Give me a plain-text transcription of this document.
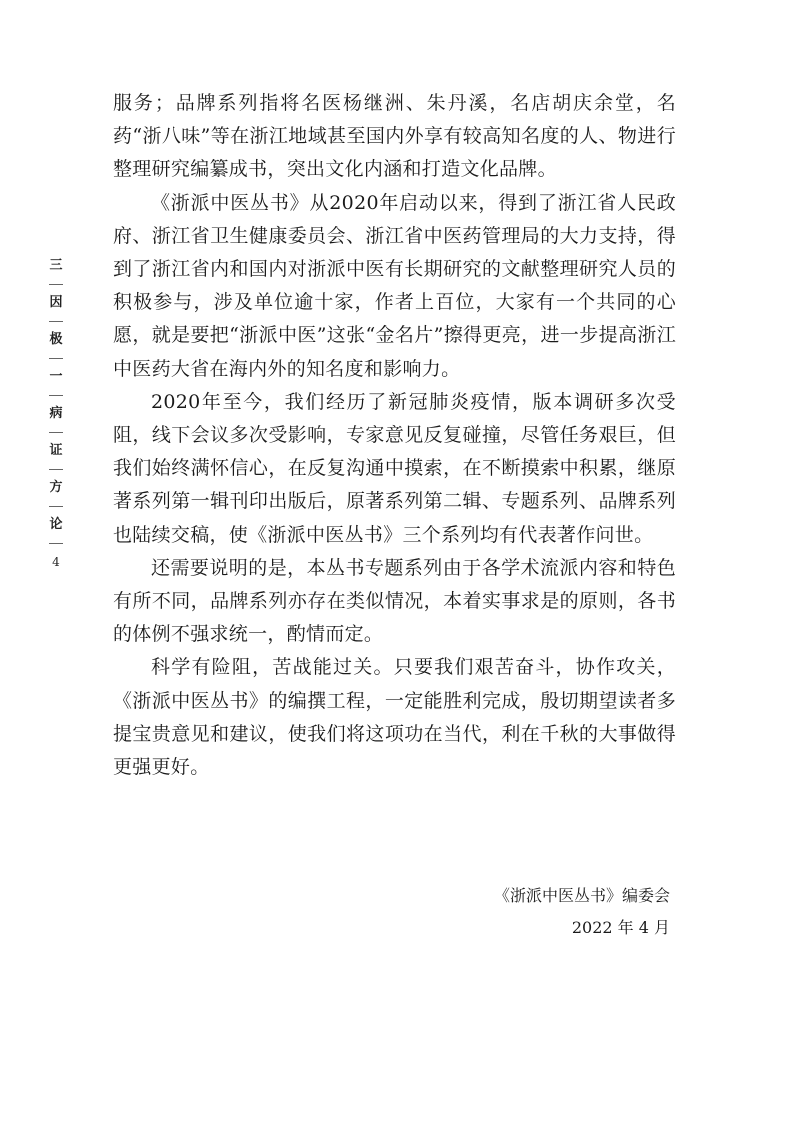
三
因
极
一
病
证
方
论
4

服务；品牌系列指将名医杨继洲、朱丹溪，名店胡庆余堂，名药“浙八味”等在浙江地域甚至国内外享有较高知名度的人、物进行整理研究编纂成书，突出文化内涵和打造文化品牌。

《浙派中医丛书》从2020年启动以来，得到了浙江省人民政府、浙江省卫生健康委员会、浙江省中医药管理局的大力支持，得到了浙江省内和国内对浙派中医有长期研究的文献整理研究人员的积极参与，涉及单位逾十家，作者上百位，大家有一个共同的心愿，就是要把“浙派中医”这张“金名片”擦得更亮，进一步提高浙江中医药大省在海内外的知名度和影响力。

2020年至今，我们经历了新冠肺炎疫情，版本调研多次受阻，线下会议多次受影响，专家意见反复碰撞，尽管任务艰巨，但我们始终满怀信心，在反复沟通中摸索，在不断摸索中积累，继原著系列第一辑刊印出版后，原著系列第二辑、专题系列、品牌系列也陆续交稿，使《浙派中医丛书》三个系列均有代表著作问世。

还需要说明的是，本丛书专题系列由于各学术流派内容和特色有所不同，品牌系列亦存在类似情况，本着实事求是的原则，各书的体例不强求统一，酌情而定。

科学有险阻，苦战能过关。只要我们艰苦奋斗，协作攻关，《浙派中医丛书》的编撰工程，一定能胜利完成，殷切期望读者多提宝贵意见和建议，使我们将这项功在当代，利在千秋的大事做得更强更好。

《浙派中医丛书》编委会
2022 年 4 月
